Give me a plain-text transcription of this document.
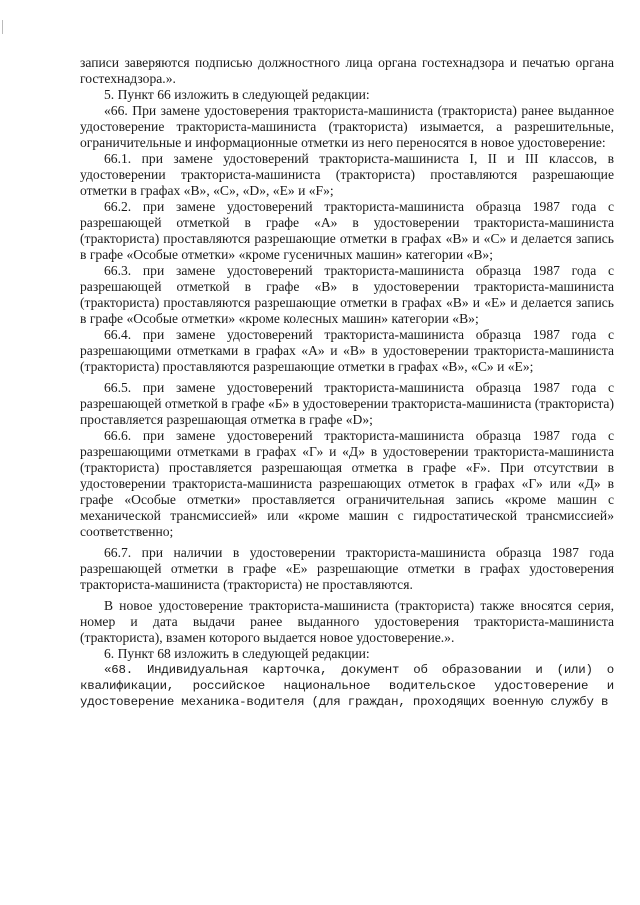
записи заверяются подписью должностного лица органа гостехнадзора и печатью органа гостехнадзора.».

5. Пункт 66 изложить в следующей редакции:

«66. При замене удостоверения тракториста-машиниста (тракториста) ранее выданное удостоверение тракториста-машиниста (тракториста) изымается, а разрешительные, ограничительные и информационные отметки из него переносятся в новое удостоверение:

66.1. при замене удостоверений тракториста-машиниста I, II и III классов, в удостоверении тракториста-машиниста (тракториста) проставляются разрешающие отметки в графах «B», «C», «D», «E» и «F»;

66.2. при замене удостоверений тракториста-машиниста образца 1987 года с разрешающей отметкой в графе «А» в удостоверении тракториста-машиниста (тракториста) проставляются разрешающие отметки в графах «B» и «C» и делается запись в графе «Особые отметки» «кроме гусеничных машин» категории «B»;

66.3. при замене удостоверений тракториста-машиниста образца 1987 года с разрешающей отметкой в графе «В» в удостоверении тракториста-машиниста (тракториста) проставляются разрешающие отметки в графах «B» и «E» и делается запись в графе «Особые отметки» «кроме колесных машин» категории «B»;

66.4. при замене удостоверений тракториста-машиниста образца 1987 года с разрешающими отметками в графах «А» и «В» в удостоверении тракториста-машиниста (тракториста) проставляются разрешающие отметки в графах «B», «C» и «E»;

66.5. при замене удостоверений тракториста-машиниста образца 1987 года с разрешающей отметкой в графе «Б» в удостоверении тракториста-машиниста (тракториста) проставляется разрешающая отметка в графе «D»;

66.6. при замене удостоверений тракториста-машиниста образца 1987 года с разрешающими отметками в графах «Г» и «Д» в удостоверении тракториста-машиниста (тракториста) проставляется разрешающая отметка в графе «F». При отсутствии в удостоверении тракториста-машиниста разрешающих отметок в графах «Г» или «Д» в графе «Особые отметки» проставляется ограничительная запись «кроме машин с механической трансмиссией» или «кроме машин с гидростатической трансмиссией» соответственно;

66.7. при наличии в удостоверении тракториста-машиниста образца 1987 года разрешающей отметки в графе «Е» разрешающие отметки в графах удостоверения тракториста-машиниста (тракториста) не проставляются.

В новое удостоверение тракториста-машиниста (тракториста) также вносятся серия, номер и дата выдачи ранее выданного удостоверения тракториста-машиниста (тракториста), взамен которого выдается новое удостоверение.».

6. Пункт 68 изложить в следующей редакции:

«68. Индивидуальная карточка, документ об образовании и (или) о квалификации, российское национальное водительское удостоверение и удостоверение механика-водителя (для граждан, проходящих военную службу в
